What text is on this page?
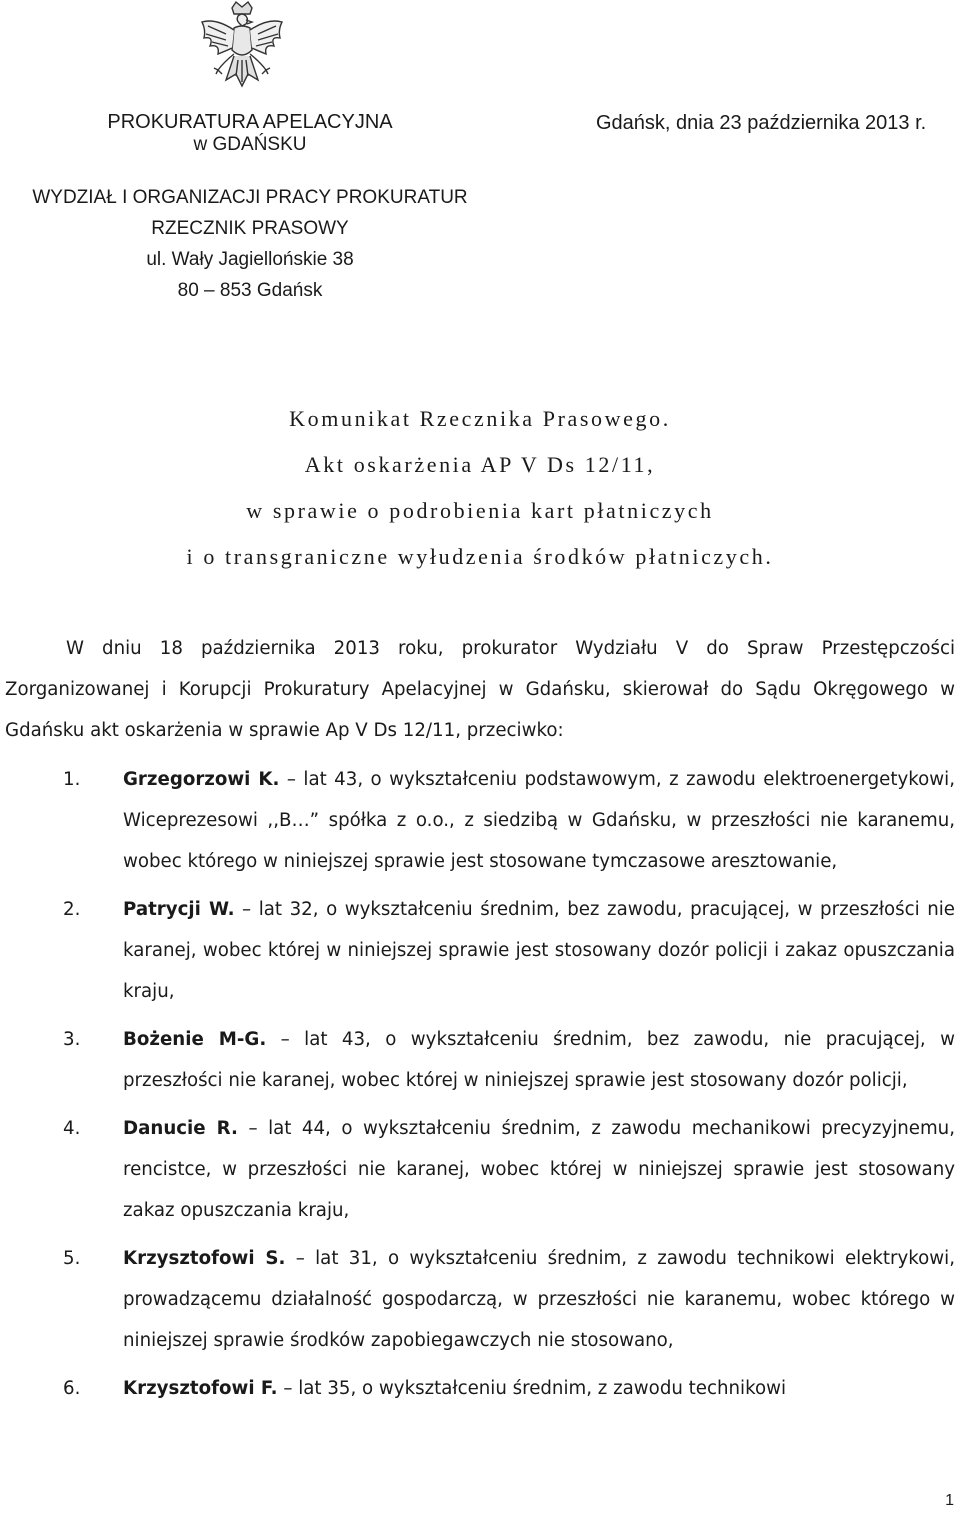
PROKURATURA APELACYJNA
w GDAŃSKU
WYDZIAŁ I ORGANIZACJI PRACY PROKURATUR
RZECZNIK PRASOWY
ul. Wały Jagiellońskie 38
80 – 853 Gdańsk
Gdańsk, dnia 23 października 2013 r.
Komunikat Rzecznika Prasowego.
Akt oskarżenia AP V Ds 12/11,
w sprawie o podrobienia kart płatniczych
i o transgraniczne wyłudzenia środków płatniczych.

W dniu 18 października 2013 roku, prokurator Wydziału V do Spraw Przestępczości Zorganizowanej i Korupcji Prokuratury Apelacyjnej w Gdańsku, skierował do Sądu Okręgowego w Gdańsku akt oskarżenia w sprawie Ap V Ds 12/11, przeciwko:

1. Grzegorzowi K. – lat 43, o wykształceniu podstawowym, z zawodu elektroenergetykowi, Wiceprezesowi ,,B…” spółka z o.o., z siedzibą w Gdańsku, w przeszłości nie karanemu, wobec którego w niniejszej sprawie jest stosowane tymczasowe aresztowanie,
2. Patrycji W. – lat 32, o wykształceniu średnim, bez zawodu, pracującej, w przeszłości nie karanej, wobec której w niniejszej sprawie jest stosowany dozór policji i zakaz opuszczania kraju,
3. Bożenie M-G. – lat 43, o wykształceniu średnim, bez zawodu, nie pracującej, w przeszłości nie karanej, wobec której w niniejszej sprawie jest stosowany dozór policji,
4. Danucie R. – lat 44, o wykształceniu średnim, z zawodu mechanikowi precyzyjnemu, rencistce, w przeszłości nie karanej, wobec której w niniejszej sprawie jest stosowany zakaz opuszczania kraju,
5. Krzysztofowi S. – lat 31, o wykształceniu średnim, z zawodu technikowi elektrykowi, prowadzącemu działalność gospodarczą, w przeszłości nie karanemu, wobec którego w niniejszej sprawie środków zapobiegawczych nie stosowano,
6. Krzysztofowi F. – lat 35, o wykształceniu średnim, z zawodu technikowi
1
